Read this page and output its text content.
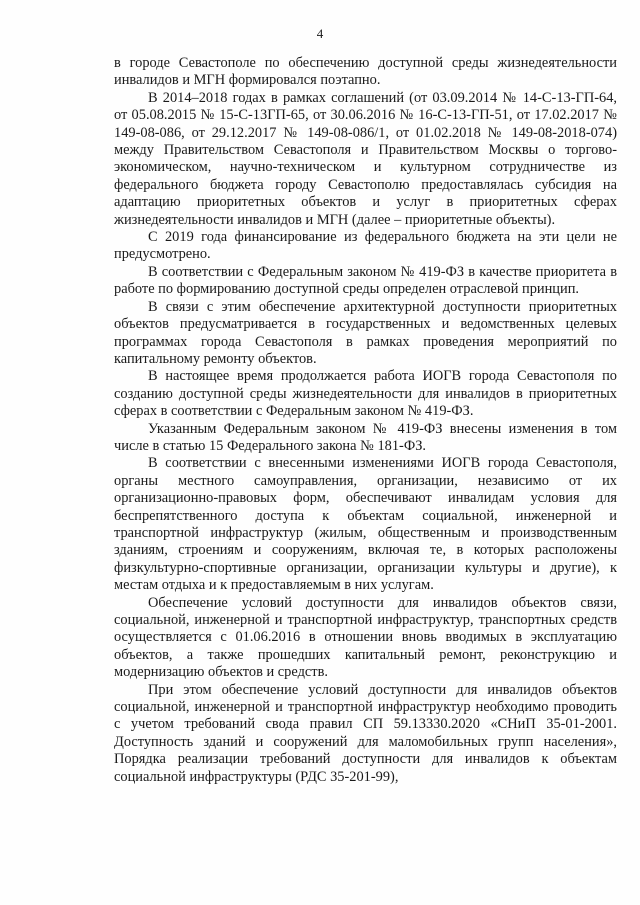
4

в городе Севастополе по обеспечению доступной среды жизнедеятельности инвалидов и МГН формировался поэтапно.

В 2014–2018 годах в рамках соглашений (от 03.09.2014 № 14-С-13-ГП-64, от 05.08.2015 № 15-С-13ГП-65, от 30.06.2016 № 16-С-13-ГП-51, от 17.02.2017 № 149-08-086, от 29.12.2017 № 149-08-086/1, от 01.02.2018 № 149-08-2018-074) между Правительством Севастополя и Правительством Москвы о торгово-экономическом, научно-техническом и культурном сотрудничестве из федерального бюджета городу Севастополю предоставлялась субсидия на адаптацию приоритетных объектов и услуг в приоритетных сферах жизнедеятельности инвалидов и МГН (далее – приоритетные объекты).

С 2019 года финансирование из федерального бюджета на эти цели не предусмотрено.

В соответствии с Федеральным законом № 419-ФЗ в качестве приоритета в работе по формированию доступной среды определен отраслевой принцип.

В связи с этим обеспечение архитектурной доступности приоритетных объектов предусматривается в государственных и ведомственных целевых программах города Севастополя в рамках проведения мероприятий по капитальному ремонту объектов.

В настоящее время продолжается работа ИОГВ города Севастополя по созданию доступной среды жизнедеятельности для инвалидов в приоритетных сферах в соответствии с Федеральным законом № 419-ФЗ.

Указанным Федеральным законом № 419-ФЗ внесены изменения в том числе в статью 15 Федерального закона № 181-ФЗ.

В соответствии с внесенными изменениями ИОГВ города Севастополя, органы местного самоуправления, организации, независимо от их организационно-правовых форм, обеспечивают инвалидам условия для беспрепятственного доступа к объектам социальной, инженерной и транспортной инфраструктур (жилым, общественным и производственным зданиям, строениям и сооружениям, включая те, в которых расположены физкультурно-спортивные организации, организации культуры и другие), к местам отдыха и к предоставляемым в них услугам.

Обеспечение условий доступности для инвалидов объектов связи, социальной, инженерной и транспортной инфраструктур, транспортных средств осуществляется с 01.06.2016 в отношении вновь вводимых в эксплуатацию объектов, а также прошедших капитальный ремонт, реконструкцию и модернизацию объектов и средств.

При этом обеспечение условий доступности для инвалидов объектов социальной, инженерной и транспортной инфраструктур необходимо проводить с учетом требований свода правил СП 59.13330.2020 «СНиП 35-01-2001. Доступность зданий и сооружений для маломобильных групп населения», Порядка реализации требований доступности для инвалидов к объектам социальной инфраструктуры (РДС 35-201-99),
